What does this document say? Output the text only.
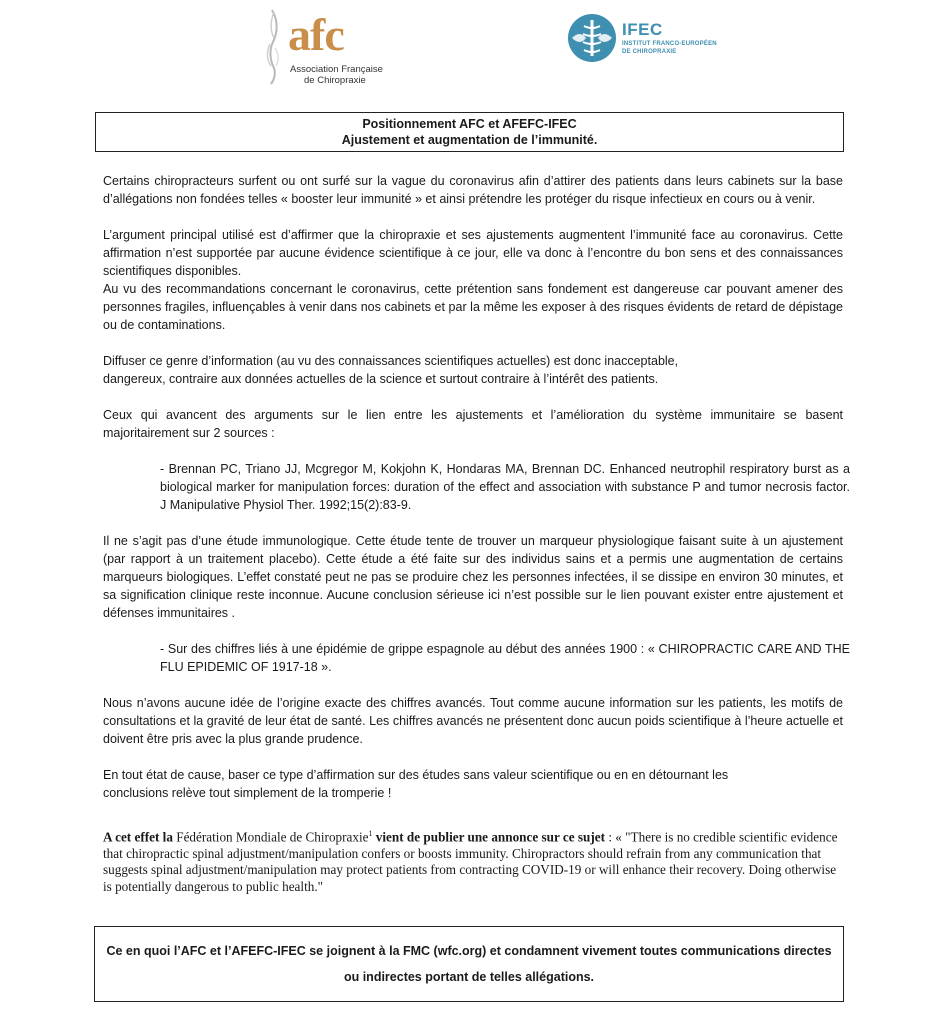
afc
Association Française
de Chiropraxie
IFEC
INSTITUT FRANCO-EUROPÉEN
DE CHIROPRAXIE
Positionnement AFC et AFEFC-IFEC
Ajustement et augmentation de l’immunité.

Certains chiropracteurs surfent ou ont surfé sur la vague du coronavirus afin d’attirer des patients dans leurs cabinets sur la base d’allégations non fondées telles « booster leur immunité » et ainsi prétendre les protéger du risque infectieux en cours ou à venir.

L’argument principal utilisé est d’affirmer que la chiropraxie et ses ajustements augmentent l’immunité face au coronavirus. Cette affirmation n’est supportée par aucune évidence scientifique à ce jour, elle va donc à l’encontre du bon sens et des connaissances scientifiques disponibles.

Au vu des recommandations concernant le coronavirus, cette prétention sans fondement est dangereuse car pouvant amener des personnes fragiles, influençables à venir dans nos cabinets et par la même les exposer à des risques évidents de retard de dépistage ou de contaminations.

Diffuser ce genre d’information (au vu des connaissances scientifiques actuelles) est donc inacceptable, dangereux, contraire aux données actuelles de la science et surtout contraire à l’intérêt des patients.

Ceux qui avancent des arguments sur le lien entre les ajustements et l’amélioration du système immunitaire se basent majoritairement sur 2 sources :

- Brennan PC, Triano JJ, Mcgregor M, Kokjohn K, Hondaras MA, Brennan DC. Enhanced neutrophil respiratory burst as a biological marker for manipulation forces: duration of the effect and association with substance P and tumor necrosis factor. J Manipulative Physiol Ther. 1992;15(2):83-9.

Il ne s’agit pas d’une étude immunologique. Cette étude tente de trouver un marqueur physiologique faisant suite à un ajustement (par rapport à un traitement placebo). Cette étude a été faite sur des individus sains et a permis une augmentation de certains marqueurs biologiques. L’effet constaté peut ne pas se produire chez les personnes infectées, il se dissipe en environ 30 minutes, et sa signification clinique reste inconnue. Aucune conclusion sérieuse ici n’est possible sur le lien pouvant exister entre ajustement et défenses immunitaires .

- Sur des chiffres liés à une épidémie de grippe espagnole au début des années 1900 : « CHIROPRACTIC CARE AND THE FLU EPIDEMIC OF 1917-18 ».

Nous n’avons aucune idée de l’origine exacte des chiffres avancés. Tout comme aucune information sur les patients, les motifs de consultations et la gravité de leur état de santé. Les chiffres avancés ne présentent donc aucun poids scientifique à l’heure actuelle et doivent être pris avec la plus grande prudence.

En tout état de cause, baser ce type d’affirmation sur des études sans valeur scientifique ou en en détournant les conclusions relève tout simplement de la tromperie !

A cet effet la Fédération Mondiale de Chiropraxie$^1$ vient de publier une annonce sur ce sujet : « "There is no credible scientific evidence that chiropractic spinal adjustment/manipulation confers or boosts immunity. Chiropractors should refrain from any communication that suggests spinal adjustment/manipulation may protect patients from contracting COVID-19 or will enhance their recovery. Doing otherwise is potentially dangerous to public health."

Ce en quoi l’AFC et l’AFEFC-IFEC se joignent à la FMC (wfc.org) et condamnent vivement toutes communications directes
ou indirectes portant de telles allégations.
